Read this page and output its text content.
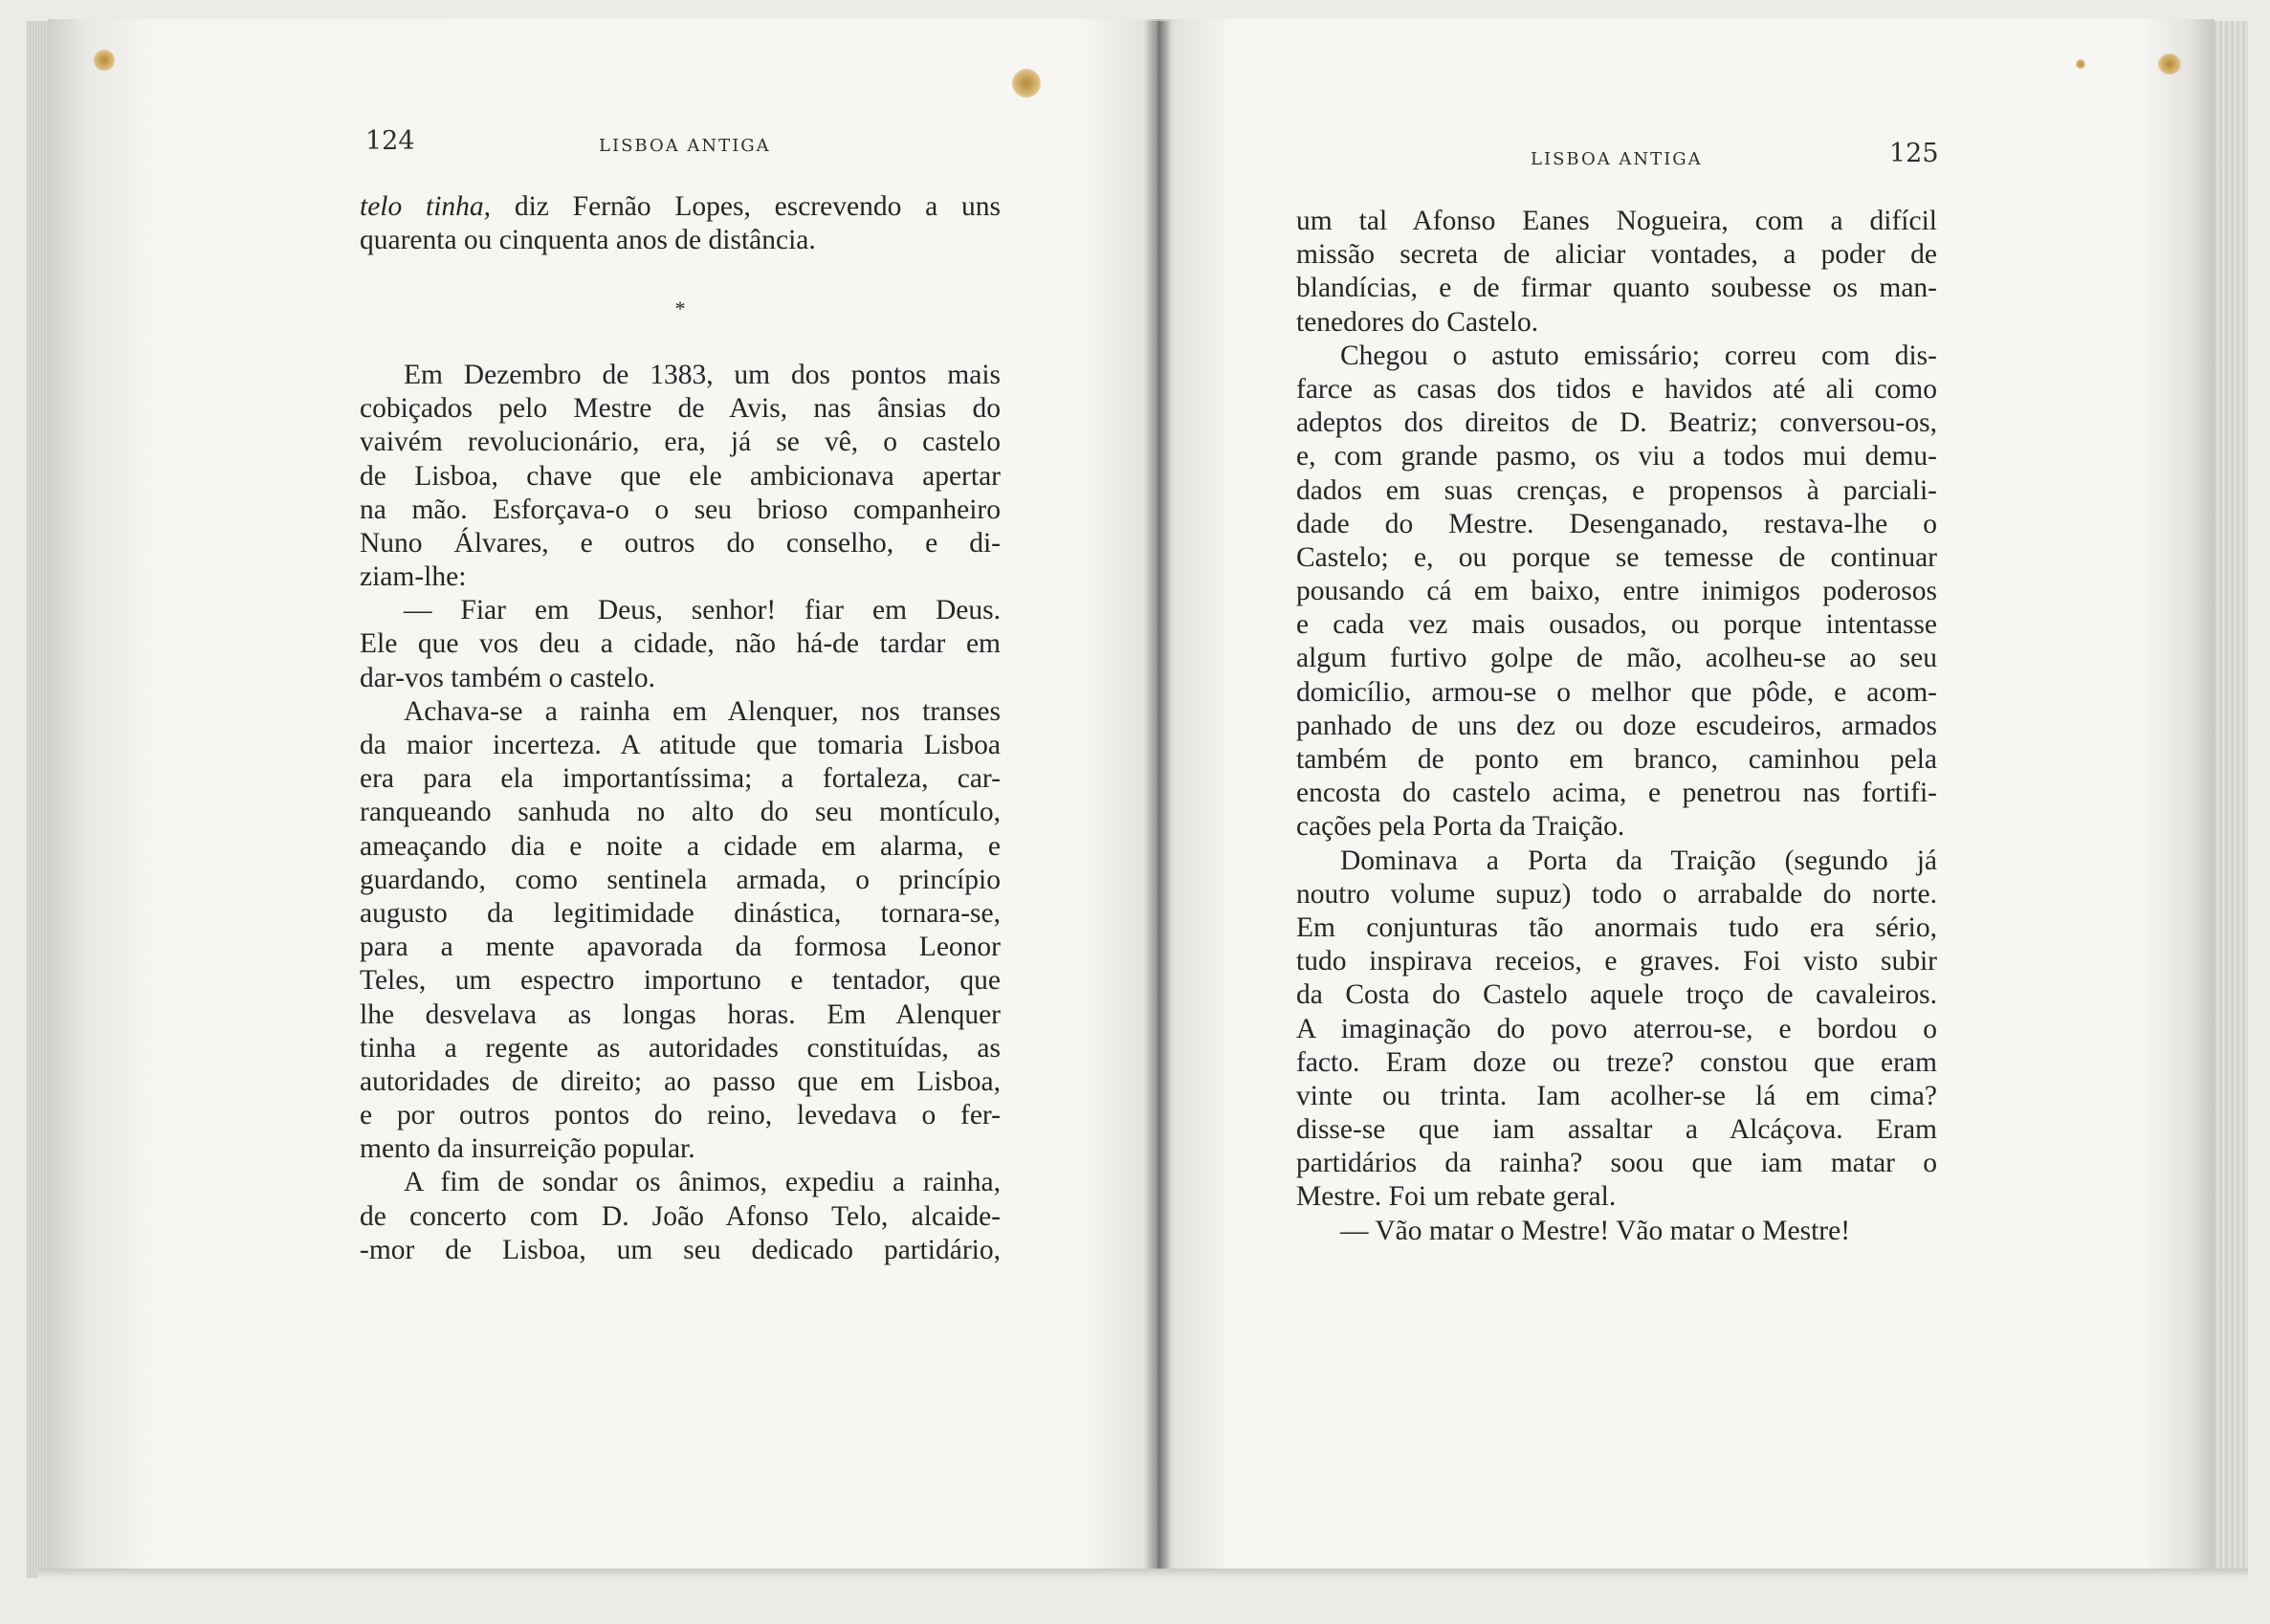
124	LISBOA ANTIGA
telo tinha, diz Fernão Lopes, escrevendo a uns
quarenta ou cinquenta anos de distância.
*
Em Dezembro de 1383, um dos pontos mais
cobiçados pelo Mestre de Avis, nas ânsias do
vaivém revolucionário, era, já se vê, o castelo
de Lisboa, chave que ele ambicionava apertar
na mão. Esforçava-o o seu brioso companheiro
Nuno Álvares, e outros do conselho, e di-
ziam-lhe:
— Fiar em Deus, senhor! fiar em Deus.
Ele que vos deu a cidade, não há-de tardar em
dar-vos também o castelo.
Achava-se a rainha em Alenquer, nos transes
da maior incerteza. A atitude que tomaria Lisboa
era para ela importantíssima; a fortaleza, car-
ranqueando sanhuda no alto do seu montículo,
ameaçando dia e noite a cidade em alarma, e
guardando, como sentinela armada, o princípio
augusto da legitimidade dinástica, tornara-se,
para a mente apavorada da formosa Leonor
Teles, um espectro importuno e tentador, que
lhe desvelava as longas horas. Em Alenquer
tinha a regente as autoridades constituídas, as
autoridades de direito; ao passo que em Lisboa,
e por outros pontos do reino, levedava o fer-
mento da insurreição popular.
A fim de sondar os ânimos, expediu a rainha,
de concerto com D. João Afonso Telo, alcaide-
-mor de Lisboa, um seu dedicado partidário,
LISBOA ANTIGA	125
um tal Afonso Eanes Nogueira, com a difícil
missão secreta de aliciar vontades, a poder de
blandícias, e de firmar quanto soubesse os man-
tenedores do Castelo.
Chegou o astuto emissário; correu com dis-
farce as casas dos tidos e havidos até ali como
adeptos dos direitos de D. Beatriz; conversou-os,
e, com grande pasmo, os viu a todos mui demu-
dados em suas crenças, e propensos à parciali-
dade do Mestre. Desenganado, restava-lhe o
Castelo; e, ou porque se temesse de continuar
pousando cá em baixo, entre inimigos poderosos
e cada vez mais ousados, ou porque intentasse
algum furtivo golpe de mão, acolheu-se ao seu
domicílio, armou-se o melhor que pôde, e acom-
panhado de uns dez ou doze escudeiros, armados
também de ponto em branco, caminhou pela
encosta do castelo acima, e penetrou nas fortifi-
cações pela Porta da Traição.
Dominava a Porta da Traição (segundo já
noutro volume supuz) todo o arrabalde do norte.
Em conjunturas tão anormais tudo era sério,
tudo inspirava receios, e graves. Foi visto subir
da Costa do Castelo aquele troço de cavaleiros.
A imaginação do povo aterrou-se, e bordou o
facto. Eram doze ou treze? constou que eram
vinte ou trinta. Iam acolher-se lá em cima?
disse-se que iam assaltar a Alcáçova. Eram
partidários da rainha? soou que iam matar o
Mestre. Foi um rebate geral.
— Vão matar o Mestre! Vão matar o Mestre!
